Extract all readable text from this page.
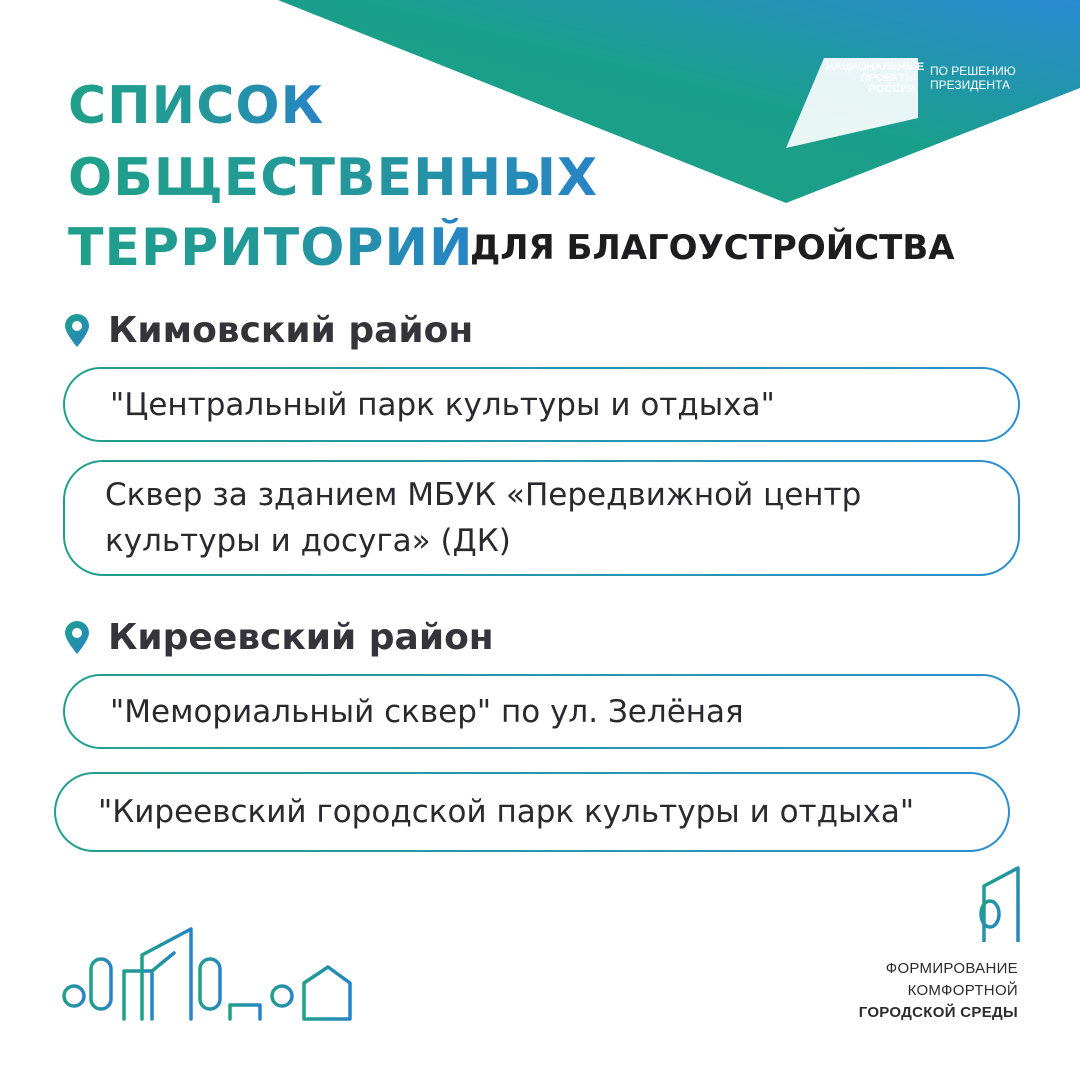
НАЦИОНАЛЬНЫЕ
ПРОЕКТЫ
РОССИИ
ПО РЕШЕНИЮ
ПРЕЗИДЕНТА
СПИСОК
ОБЩЕСТВЕННЫХ
ТЕРРИТОРИЙ
ДЛЯ БЛАГОУСТРОЙСТВА
Кимовский район
"Центральный парк культуры и отдыха"
Сквер за зданием МБУК «Передвижной центр культуры и досуга» (ДК)
Киреевский район
"Мемориальный сквер" по ул. Зелёная
"Киреевский городской парк культуры и отдыха"
ФОРМИРОВАНИЕ
КОМФОРТНОЙ
ГОРОДСКОЙ СРЕДЫ
